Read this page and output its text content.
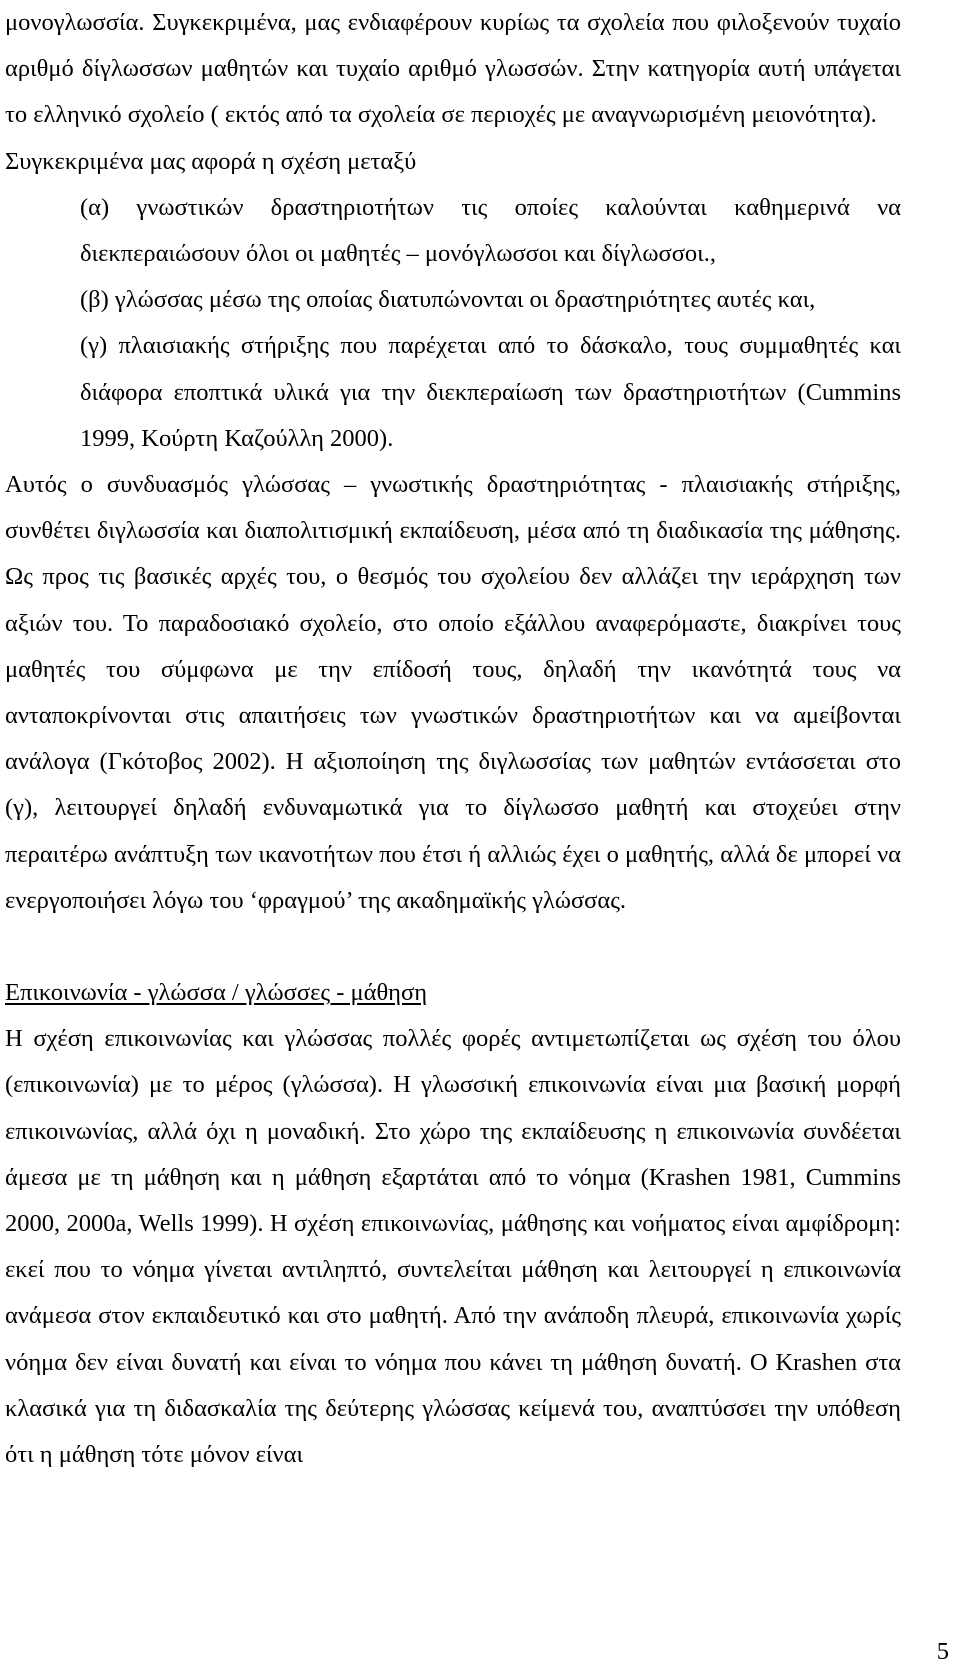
μονογλωσσία. Συγκεκριμένα, μας ενδιαφέρουν κυρίως τα σχολεία που φιλοξενούν τυχαίο αριθμό δίγλωσσων μαθητών και τυχαίο αριθμό γλωσσών. Στην κατηγορία αυτή υπάγεται το ελληνικό σχολείο ( εκτός από τα σχολεία σε περιοχές με αναγνωρισμένη μειονότητα).

Συγκεκριμένα μας αφορά η σχέση μεταξύ

(α) γνωστικών δραστηριοτήτων τις οποίες καλούνται καθημερινά να διεκπεραιώσουν όλοι οι μαθητές – μονόγλωσσοι και δίγλωσσοι.,

(β) γλώσσας μέσω της οποίας διατυπώνονται οι δραστηριότητες αυτές και,

(γ) πλαισιακής στήριξης που παρέχεται από το δάσκαλο, τους συμμαθητές και διάφορα εποπτικά υλικά για την διεκπεραίωση των δραστηριοτήτων (Cummins 1999, Κούρτη Καζούλλη 2000).

Αυτός ο συνδυασμός γλώσσας – γνωστικής δραστηριότητας - πλαισιακής στήριξης, συνθέτει διγλωσσία και διαπολιτισμική εκπαίδευση, μέσα από τη διαδικασία της μάθησης. Ως προς τις βασικές αρχές του, ο θεσμός του σχολείου δεν αλλάζει την ιεράρχηση των αξιών του. Το παραδοσιακό σχολείο, στο οποίο εξάλλου αναφερόμαστε, διακρίνει τους μαθητές του σύμφωνα με την επίδοσή τους, δηλαδή την ικανότητά τους να ανταποκρίνονται στις απαιτήσεις των γνωστικών δραστηριοτήτων και να αμείβονται ανάλογα (Γκότοβος 2002). Η αξιοποίηση της διγλωσσίας των μαθητών εντάσσεται στο (γ), λειτουργεί δηλαδή ενδυναμωτικά για το δίγλωσσο μαθητή και στοχεύει στην περαιτέρω ανάπτυξη των ικανοτήτων που έτσι ή αλλιώς έχει ο μαθητής, αλλά δε μπορεί να ενεργοποιήσει λόγω του ‘φραγμού’ της ακαδημαϊκής γλώσσας.

Επικοινωνία - γλώσσα / γλώσσες - μάθηση

Η σχέση επικοινωνίας και γλώσσας πολλές φορές αντιμετωπίζεται ως σχέση του όλου (επικοινωνία) με το μέρος (γλώσσα). Η γλωσσική επικοινωνία είναι μια βασική μορφή επικοινωνίας, αλλά όχι η μοναδική. Στο χώρο της εκπαίδευσης η επικοινωνία συνδέεται άμεσα με τη μάθηση και η μάθηση εξαρτάται από το νόημα (Krashen 1981, Cummins 2000, 2000a, Wells 1999). Η σχέση επικοινωνίας, μάθησης και νοήματος είναι αμφίδρομη: εκεί που το νόημα γίνεται αντιληπτό, συντελείται μάθηση και λειτουργεί η επικοινωνία ανάμεσα στον εκπαιδευτικό και στο μαθητή. Από την ανάποδη πλευρά, επικοινωνία χωρίς νόημα δεν είναι δυνατή και είναι το νόημα που κάνει τη μάθηση δυνατή. Ο Krashen στα κλασικά για τη διδασκαλία της δεύτερης γλώσσας κείμενά του, αναπτύσσει την υπόθεση ότι η μάθηση τότε μόνον είναι

5
